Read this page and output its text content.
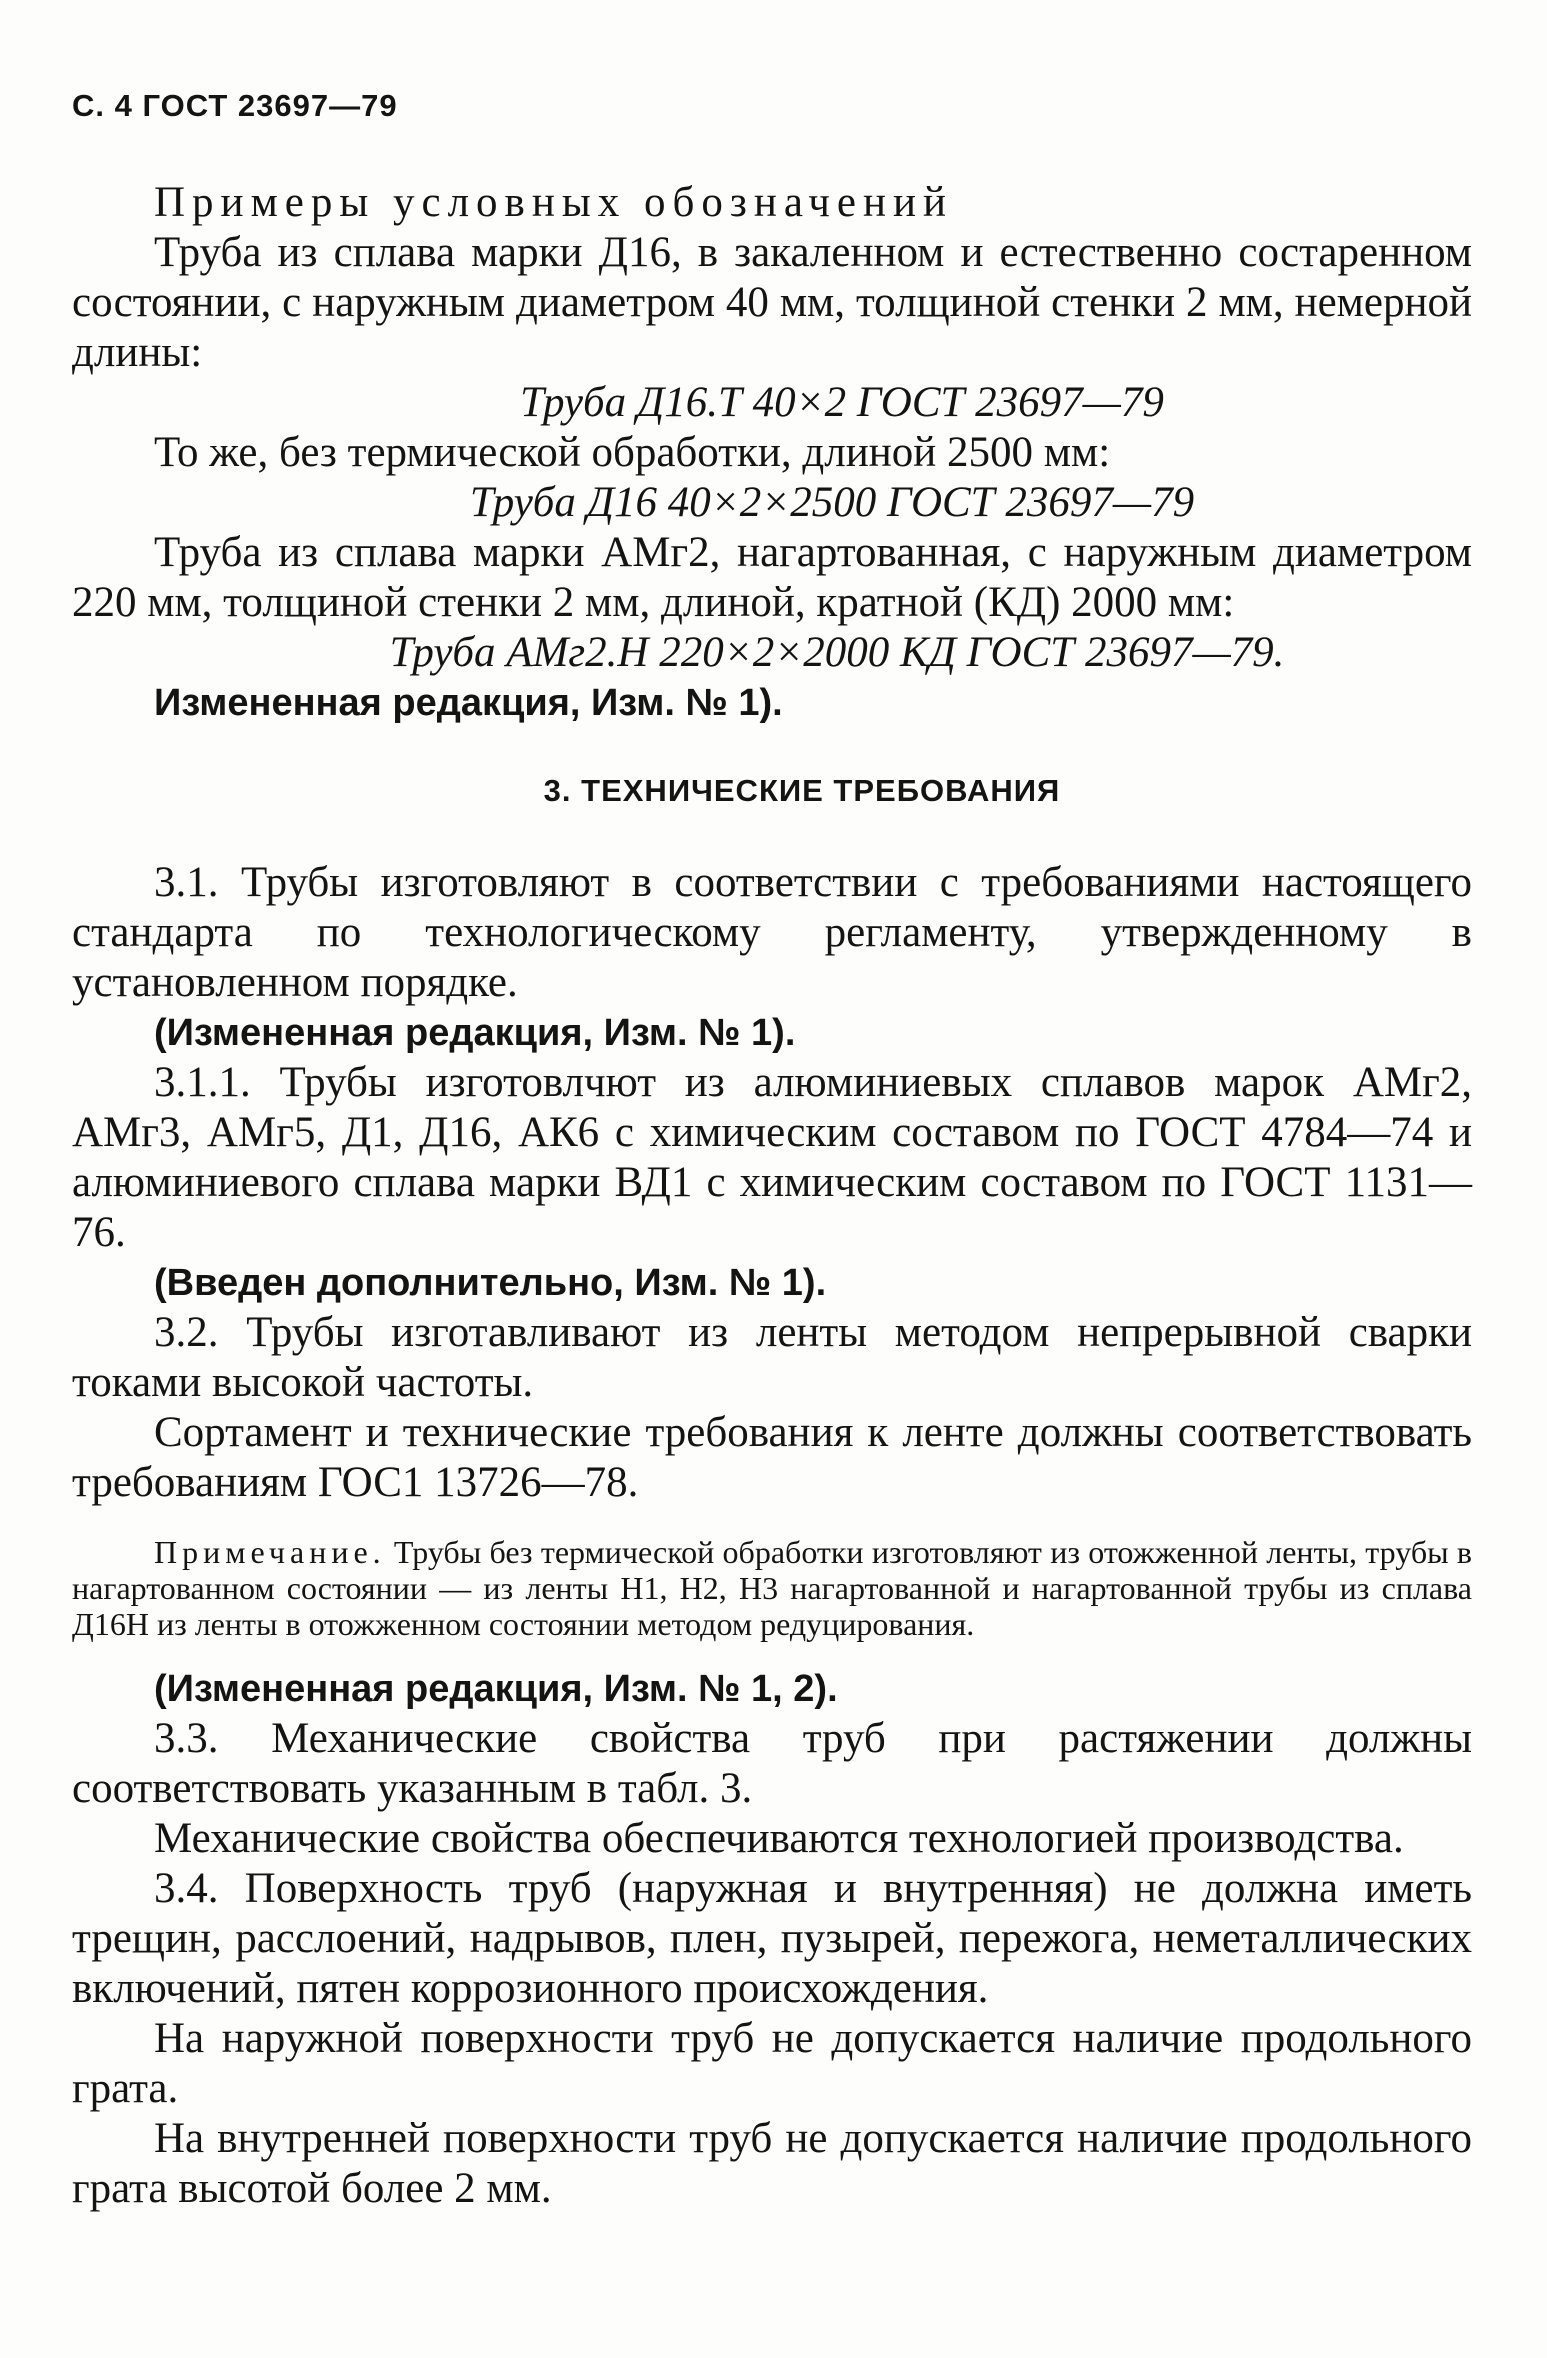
С. 4 ГОСТ 23697—79
Примеры условных обозначений

Труба из сплава марки Д16, в закаленном и естественно состаренном состоянии, с наружным диаметром 40 мм, толщиной стенки 2 мм, немерной длины:

Труба Д16.Т 40×2 ГОСТ 23697—79

То же, без термической обработки, длиной 2500 мм:

Труба Д16 40×2×2500 ГОСТ 23697—79

Труба из сплава марки АМг2, нагартованная, с наружным диаметром 220 мм, толщиной стенки 2 мм, длиной, кратной (КД) 2000 мм:

Труба АМг2.Н 220×2×2000 КД ГОСТ 23697—79.

Измененная редакция, Изм. № 1).

3. ТЕХНИЧЕСКИЕ ТРЕБОВАНИЯ

3.1. Трубы изготовляют в соответствии с требованиями настоящего стандарта по технологическому регламенту, утвержденному в установленном порядке.

(Измененная редакция, Изм. № 1).

3.1.1. Трубы изготовлчют из алюминиевых сплавов марок АМг2, АМг3, АМг5, Д1, Д16, АК6 с химическим составом по ГОСТ 4784—74 и алюминиевого сплава марки ВД1 с химическим составом по ГОСТ 1131—76.

(Введен дополнительно, Изм. № 1).

3.2. Трубы изготавливают из ленты методом непрерывной сварки токами высокой частоты.

Сортамент и технические требования к ленте должны соответствовать требованиям ГОС1 13726—78.

Примечание. Трубы без термической обработки изготовляют из отожженной ленты, трубы в нагартованном состоянии — из ленты Н1, Н2, Н3 нагартованной и нагартованной трубы из сплава Д16Н из ленты в отожженном состоянии методом редуцирования.

(Измененная редакция, Изм. № 1, 2).

3.3. Механические свойства труб при растяжении должны соответствовать указанным в табл. 3.

Механические свойства обеспечиваются технологией производства.

3.4. Поверхность труб (наружная и внутренняя) не должна иметь трещин, расслоений, надрывов, плен, пузырей, пережога, неметаллических включений, пятен коррозионного происхождения.

На наружной поверхности труб не допускается наличие продольного грата.

На внутренней поверхности труб не допускается наличие продольного грата высотой более 2 мм.
